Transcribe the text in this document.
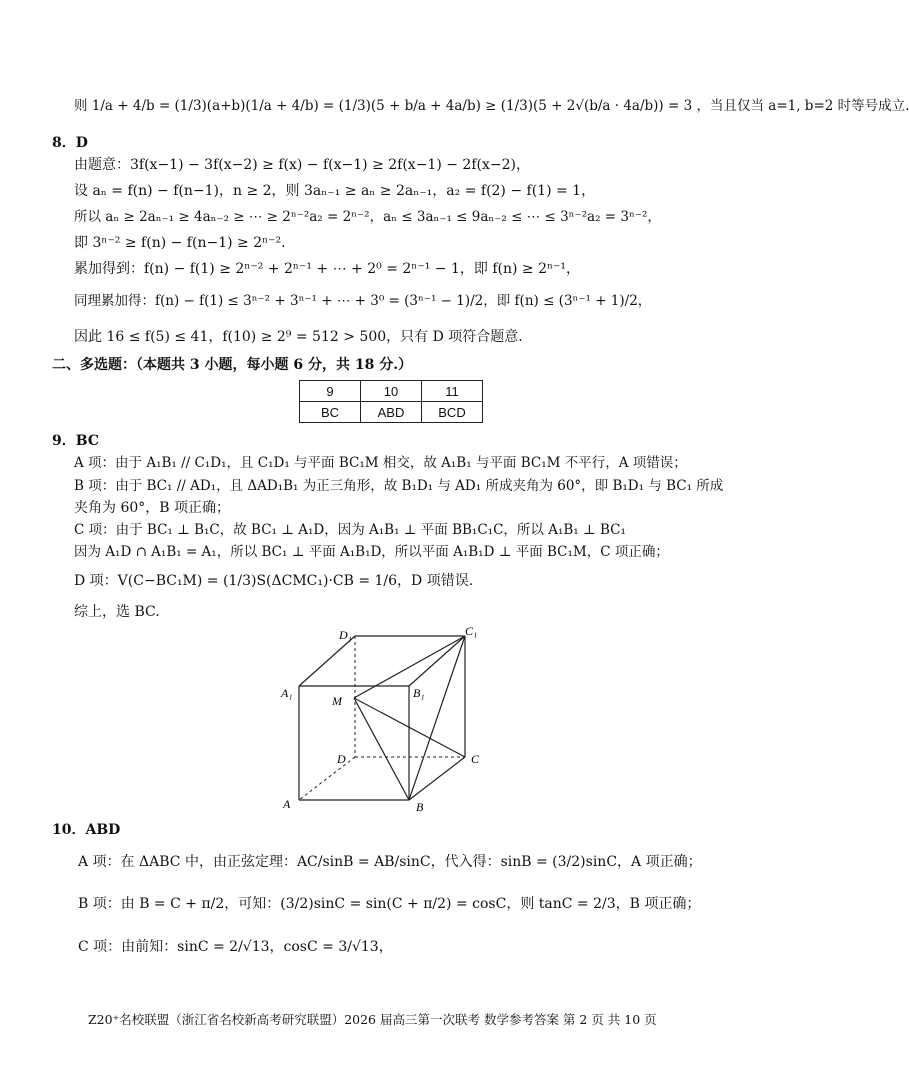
则 1/a + 4/b = (1/3)(a+b)(1/a + 4/b) = (1/3)(5 + b/a + 4a/b) ≥ (1/3)(5 + 2√(b/a · 4a/b)) = 3 ，当且仅当 a=1, b=2 时等号成立.
8．D
由题意：3f(x−1) − 3f(x−2) ≥ f(x) − f(x−1) ≥ 2f(x−1) − 2f(x−2)，
设 aₙ = f(n) − f(n−1)，n ≥ 2，则 3aₙ₋₁ ≥ aₙ ≥ 2aₙ₋₁，a₂ = f(2) − f(1) = 1，
所以 aₙ ≥ 2aₙ₋₁ ≥ 4aₙ₋₂ ≥ ⋯ ≥ 2ⁿ⁻²a₂ = 2ⁿ⁻²，aₙ ≤ 3aₙ₋₁ ≤ 9aₙ₋₂ ≤ ⋯ ≤ 3ⁿ⁻²a₂ = 3ⁿ⁻²，
即 3ⁿ⁻² ≥ f(n) − f(n−1) ≥ 2ⁿ⁻².
累加得到：f(n) − f(1) ≥ 2ⁿ⁻² + 2ⁿ⁻¹ + ⋯ + 2⁰ = 2ⁿ⁻¹ − 1，即 f(n) ≥ 2ⁿ⁻¹，
同理累加得：f(n) − f(1) ≤ 3ⁿ⁻² + 3ⁿ⁻¹ + ⋯ + 3⁰ = (3ⁿ⁻¹ − 1)/2，即 f(n) ≤ (3ⁿ⁻¹ + 1)/2，
因此 16 ≤ f(5) ≤ 41，f(10) ≥ 2⁹ = 512 > 500，只有 D 项符合题意.
二、多选题：（本题共 3 小题，每小题 6 分，共 18 分.）
9	10	11
BC	ABD	BCD
9．BC
A 项：由于 A₁B₁ // C₁D₁，且 C₁D₁ 与平面 BC₁M 相交，故 A₁B₁ 与平面 BC₁M 不平行，A 项错误；
B 项：由于 BC₁ // AD₁，且 ΔAD₁B₁ 为正三角形，故 B₁D₁ 与 AD₁ 所成夹角为 60°，即 B₁D₁ 与 BC₁ 所成
夹角为 60°，B 项正确；
C 项：由于 BC₁ ⊥ B₁C，故 BC₁ ⊥ A₁D，因为 A₁B₁ ⊥ 平面 BB₁C₁C，所以 A₁B₁ ⊥ BC₁
因为 A₁D ∩ A₁B₁ = A₁，所以 BC₁ ⊥ 平面 A₁B₁D，所以平面 A₁B₁D ⊥ 平面 BC₁M，C 项正确；
D 项：V(C−BC₁M) = (1/3)S(ΔCMC₁)·CB = 1/6，D 项错误.
综上，选 BC.
D₁	C₁
A₁	B₁
M
D	C
A	B
10．ABD
A 项：在 ΔABC 中，由正弦定理：AC/sinB = AB/sinC，代入得：sinB = (3/2)sinC，A 项正确；
B 项：由 B = C + π/2，可知：(3/2)sinC = sin(C + π/2) = cosC，则 tanC = 2/3，B 项正确；
C 项：由前知：sinC = 2/√13，cosC = 3/√13，
Z20⁺名校联盟（浙江省名校新高考研究联盟）2026 届高三第一次联考 数学参考答案 第 2 页 共 10 页
